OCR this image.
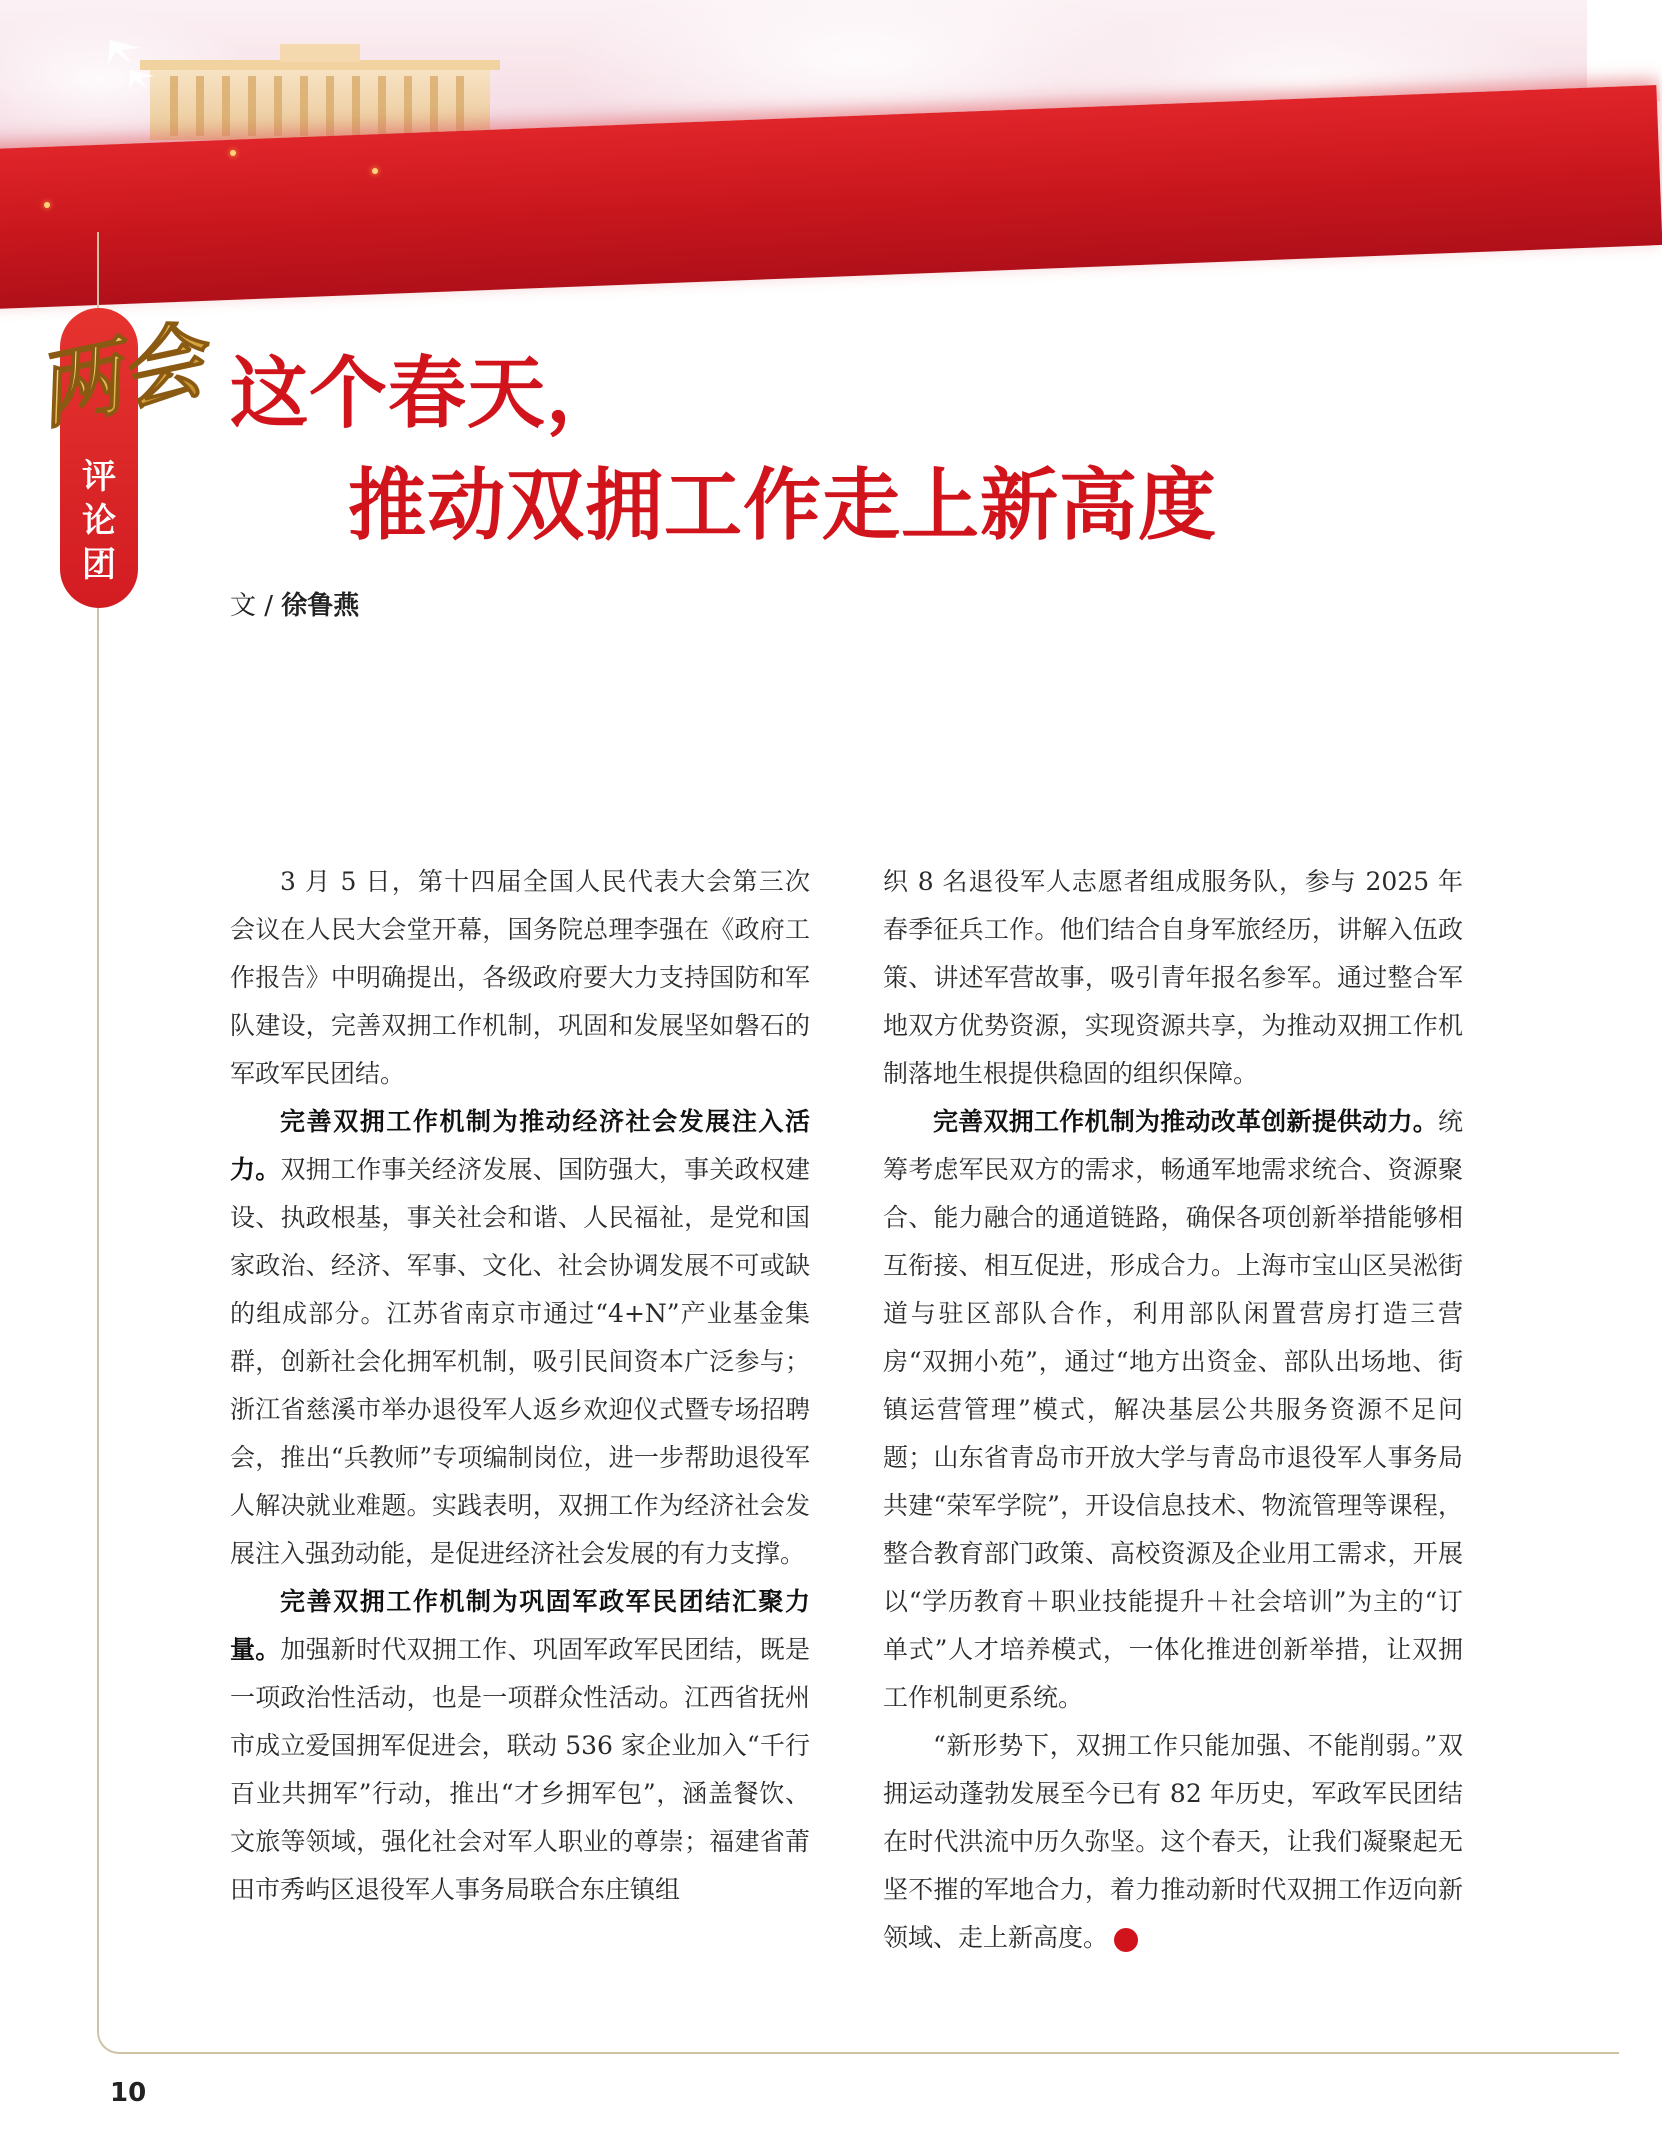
两会
评
论
团
这个春天，
推动双拥工作走上新高度
文 / 徐鲁燕

3 月 5 日，第十四届全国人民代表大会第三次会议在人民大会堂开幕，国务院总理李强在《政府工作报告》中明确提出，各级政府要大力支持国防和军队建设，完善双拥工作机制，巩固和发展坚如磐石的军政军民团结。

完善双拥工作机制为推动经济社会发展注入活力。双拥工作事关经济发展、国防强大，事关政权建设、执政根基，事关社会和谐、人民福祉，是党和国家政治、经济、军事、文化、社会协调发展不可或缺的组成部分。江苏省南京市通过“4+N”产业基金集群，创新社会化拥军机制，吸引民间资本广泛参与；浙江省慈溪市举办退役军人返乡欢迎仪式暨专场招聘会，推出“兵教师”专项编制岗位，进一步帮助退役军人解决就业难题。实践表明，双拥工作为经济社会发展注入强劲动能，是促进经济社会发展的有力支撑。

完善双拥工作机制为巩固军政军民团结汇聚力量。加强新时代双拥工作、巩固军政军民团结，既是一项政治性活动，也是一项群众性活动。江西省抚州市成立爱国拥军促进会，联动 536 家企业加入“千行百业共拥军”行动，推出“才乡拥军包”，涵盖餐饮、文旅等领域，强化社会对军人职业的尊崇；福建省莆田市秀屿区退役军人事务局联合东庄镇组

织 8 名退役军人志愿者组成服务队，参与 2025 年春季征兵工作。他们结合自身军旅经历，讲解入伍政策、讲述军营故事，吸引青年报名参军。通过整合军地双方优势资源，实现资源共享，为推动双拥工作机制落地生根提供稳固的组织保障。

完善双拥工作机制为推动改革创新提供动力。统筹考虑军民双方的需求，畅通军地需求统合、资源聚合、能力融合的通道链路，确保各项创新举措能够相互衔接、相互促进，形成合力。上海市宝山区吴淞街道与驻区部队合作，利用部队闲置营房打造三营房“双拥小苑”，通过“地方出资金、部队出场地、街镇运营管理”模式，解决基层公共服务资源不足问题；山东省青岛市开放大学与青岛市退役军人事务局共建“荣军学院”，开设信息技术、物流管理等课程，整合教育部门政策、高校资源及企业用工需求，开展以“学历教育＋职业技能提升＋社会培训”为主的“订单式”人才培养模式，一体化推进创新举措，让双拥工作机制更系统。

“新形势下，双拥工作只能加强、不能削弱。”双拥运动蓬勃发展至今已有 82 年历史，军政军民团结在时代洪流中历久弥坚。这个春天，让我们凝聚起无坚不摧的军地合力，着力推动新时代双拥工作迈向新领域、走上新高度。	N

10
